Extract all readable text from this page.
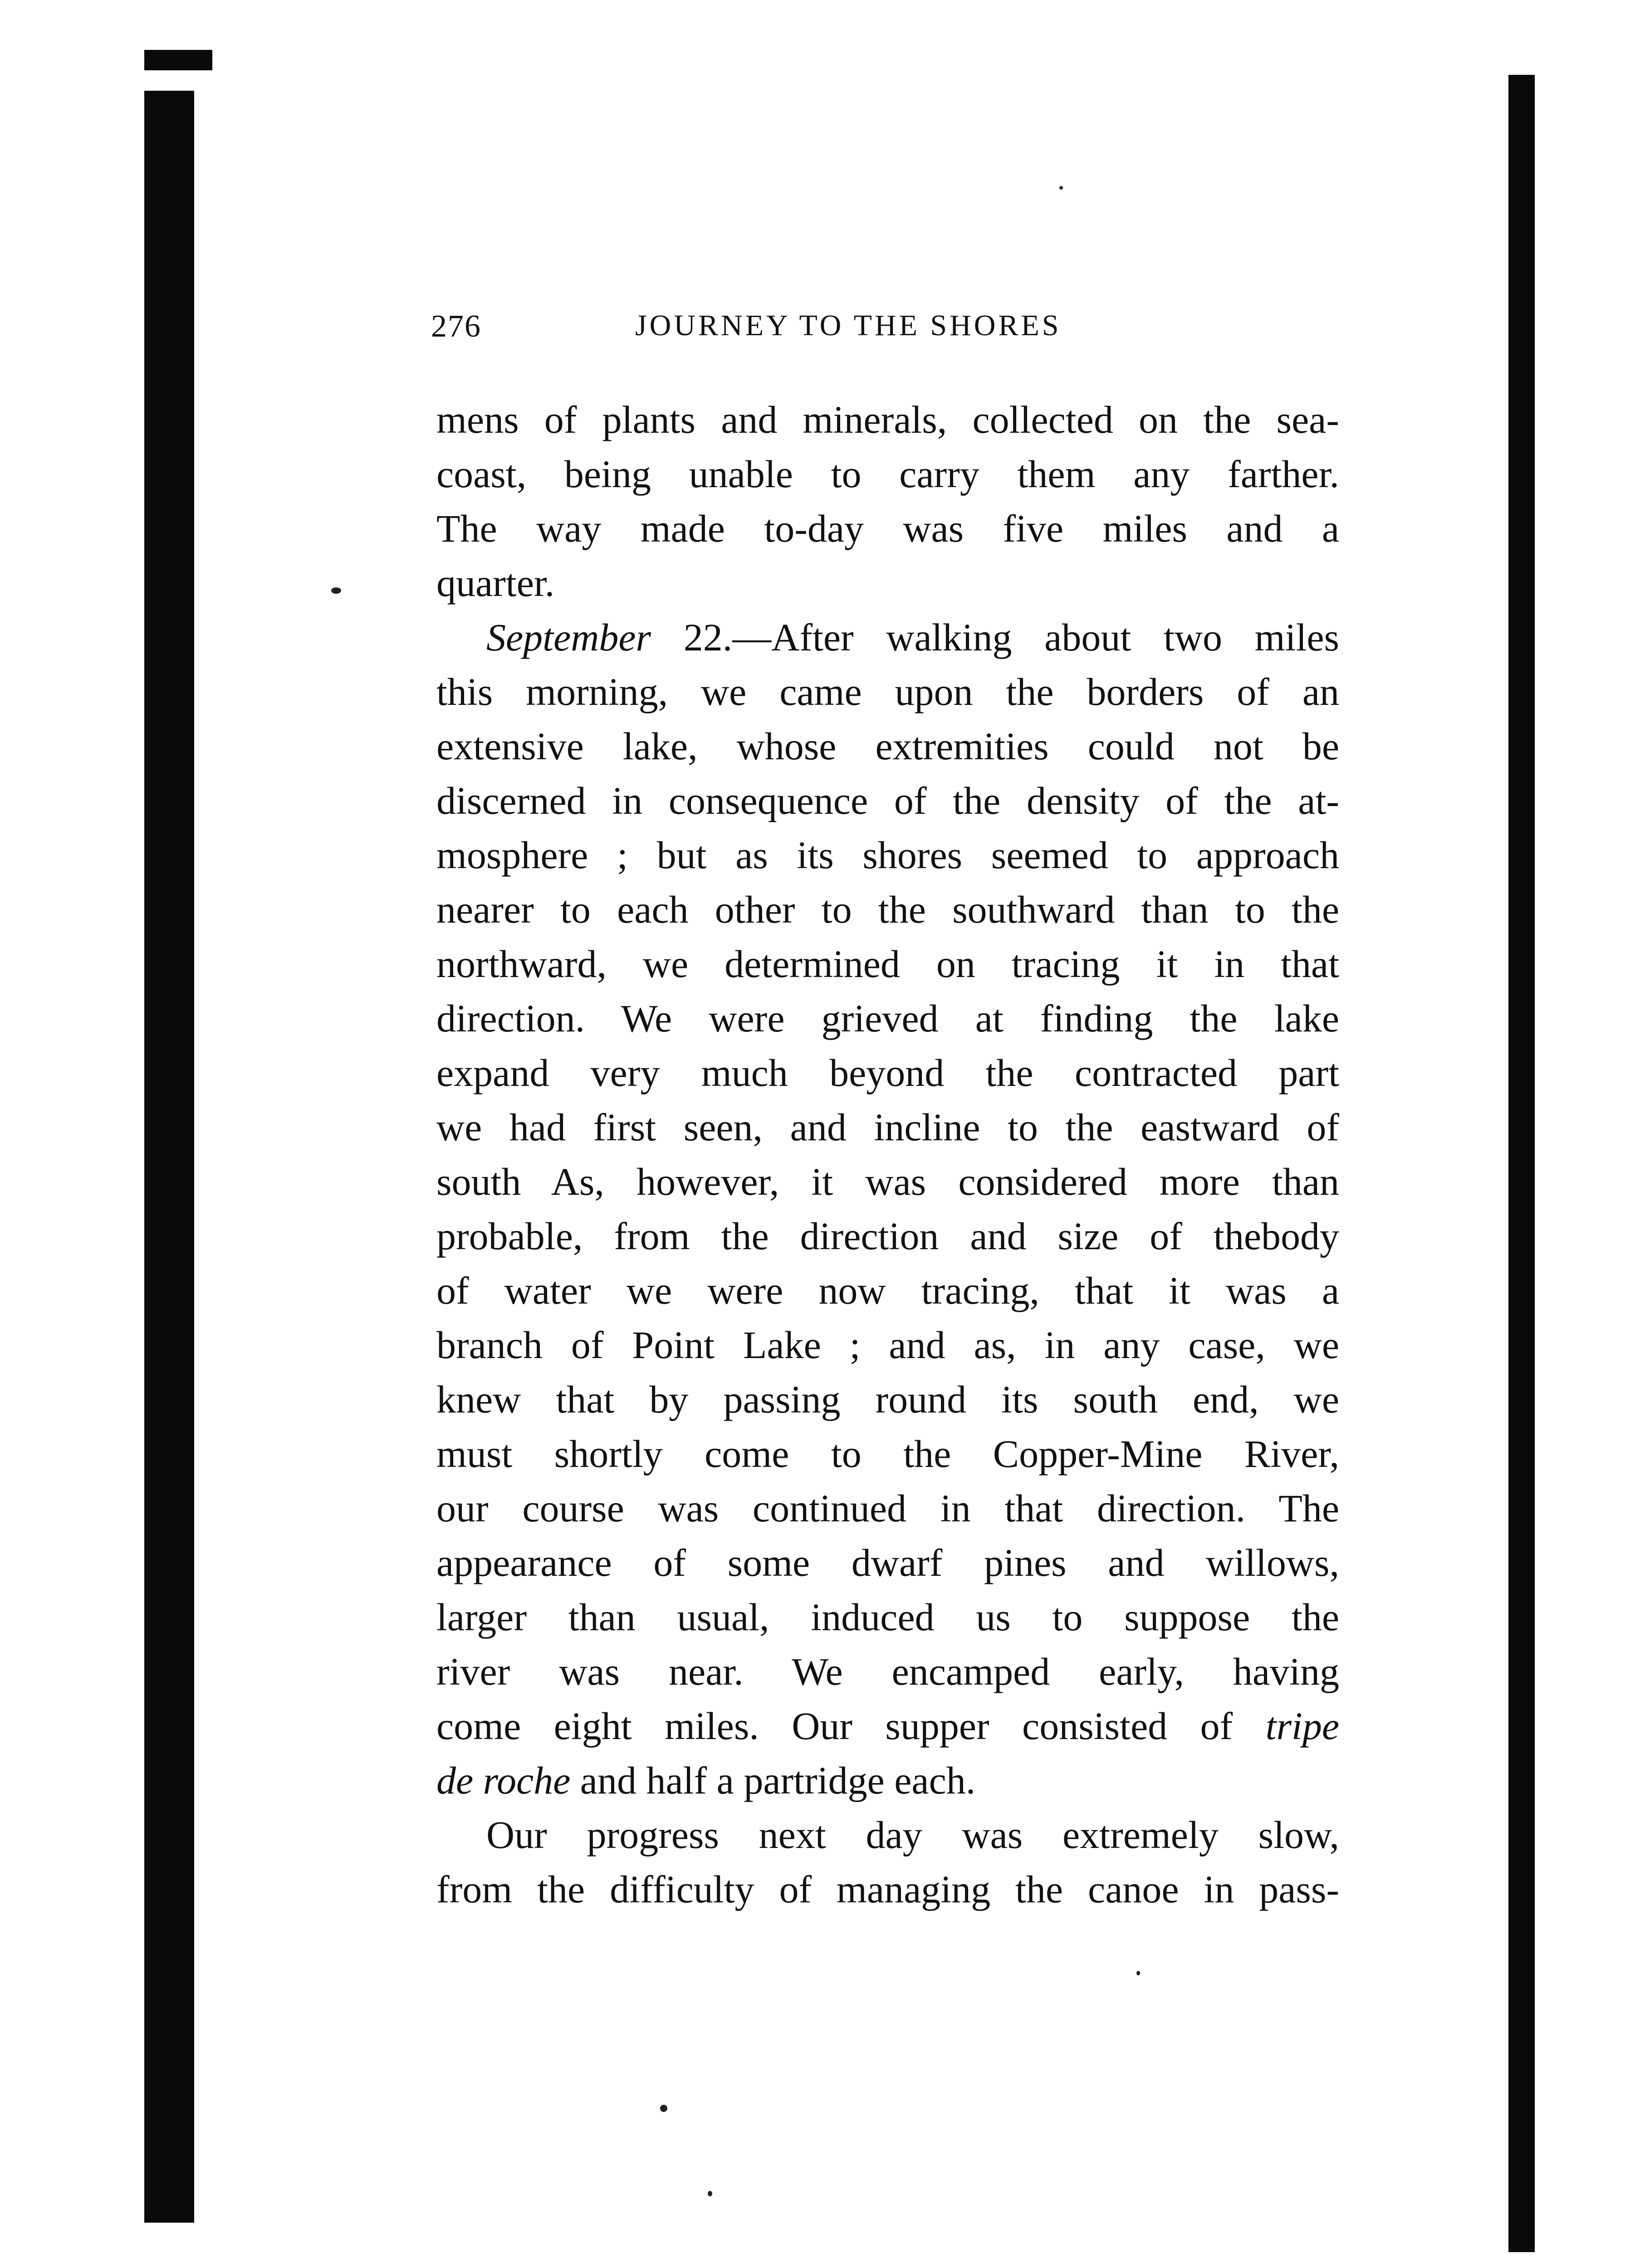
276	JOURNEY TO THE SHORES
mens of plants and minerals, collected on the sea-
coast, being unable to carry them any farther.
The way made to-day was five miles and a
quarter.
September 22.—After walking about two miles
this morning, we came upon the borders of an
extensive lake, whose extremities could not be
discerned in consequence of the density of the at-
mosphere ; but as its shores seemed to approach
nearer to each other to the southward than to the
northward, we determined on tracing it in that
direction. We were grieved at finding the lake
expand very much beyond the contracted part
we had first seen, and incline to the eastward of
south As, however, it was considered more than
probable, from the direction and size of thebody
of water we were now tracing, that it was a
branch of Point Lake ; and as, in any case, we
knew that by passing round its south end, we
must shortly come to the Copper-Mine River,
our course was continued in that direction. The
appearance of some dwarf pines and willows,
larger than usual, induced us to suppose the
river was near. We encamped early, having
come eight miles. Our supper consisted of tripe
de roche and half a partridge each.
Our progress next day was extremely slow,
from the difficulty of managing the canoe in pass-
